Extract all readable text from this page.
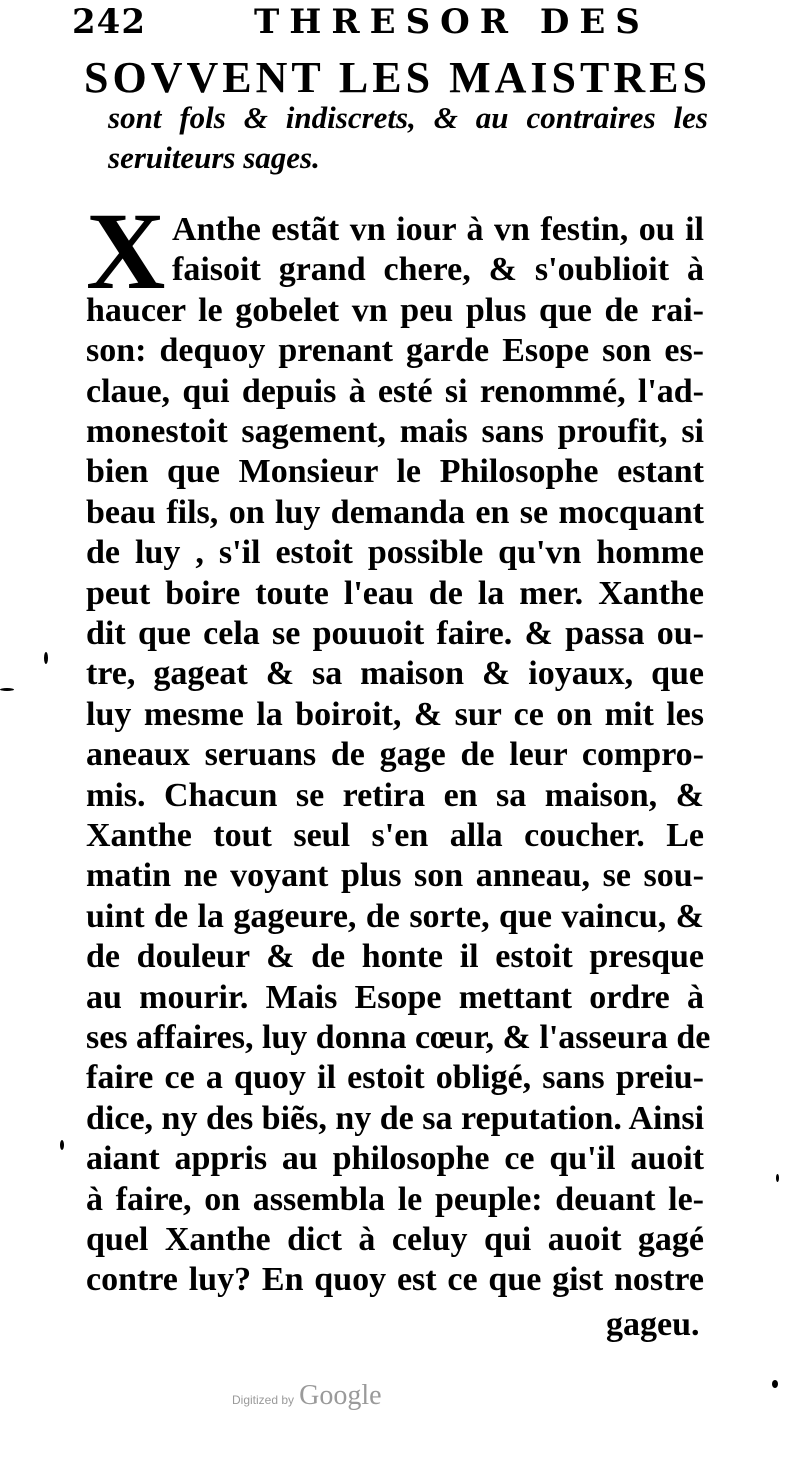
242	THRESOR DES
SOVVENT LES MAISTRES
sont fols & indiscrets, & au contraires les seruiteurs sages.
X Anthe estãt vn iour à vn festin, ou il
faisoit grand chere, & s'oublioit à
haucer le gobelet vn peu plus que de rai-
son: dequoy prenant garde Esope son es-
claue, qui depuis à esté si renommé, l'ad-
monestoit sagement, mais sans proufit, si
bien que Monsieur le Philosophe estant
beau fils, on luy demanda en se mocquant
de luy , s'il estoit possible qu'vn homme
peut boire toute l'eau de la mer. Xanthe
dit que cela se pouuoit faire. & passa ou-
tre, gageat & sa maison & ioyaux, que
luy mesme la boiroit, & sur ce on mit les
aneaux seruans de gage de leur compro-
mis. Chacun se retira en sa maison, &
Xanthe tout seul s'en alla coucher. Le
matin ne voyant plus son anneau, se sou-
uint de la gageure, de sorte, que vaincu, &
de douleur & de honte il estoit presque
au mourir. Mais Esope mettant ordre à
ses affaires, luy donna cœur, & l'asseura de
faire ce a quoy il estoit obligé, sans preiu-
dice, ny des biẽs, ny de sa reputation. Ainsi
aiant appris au philosophe ce qu'il auoit
à faire, on assembla le peuple: deuant le-
quel Xanthe dict à celuy qui auoit gagé
contre luy? En quoy est ce que gist nostre
gageu.
Digitized by Google
